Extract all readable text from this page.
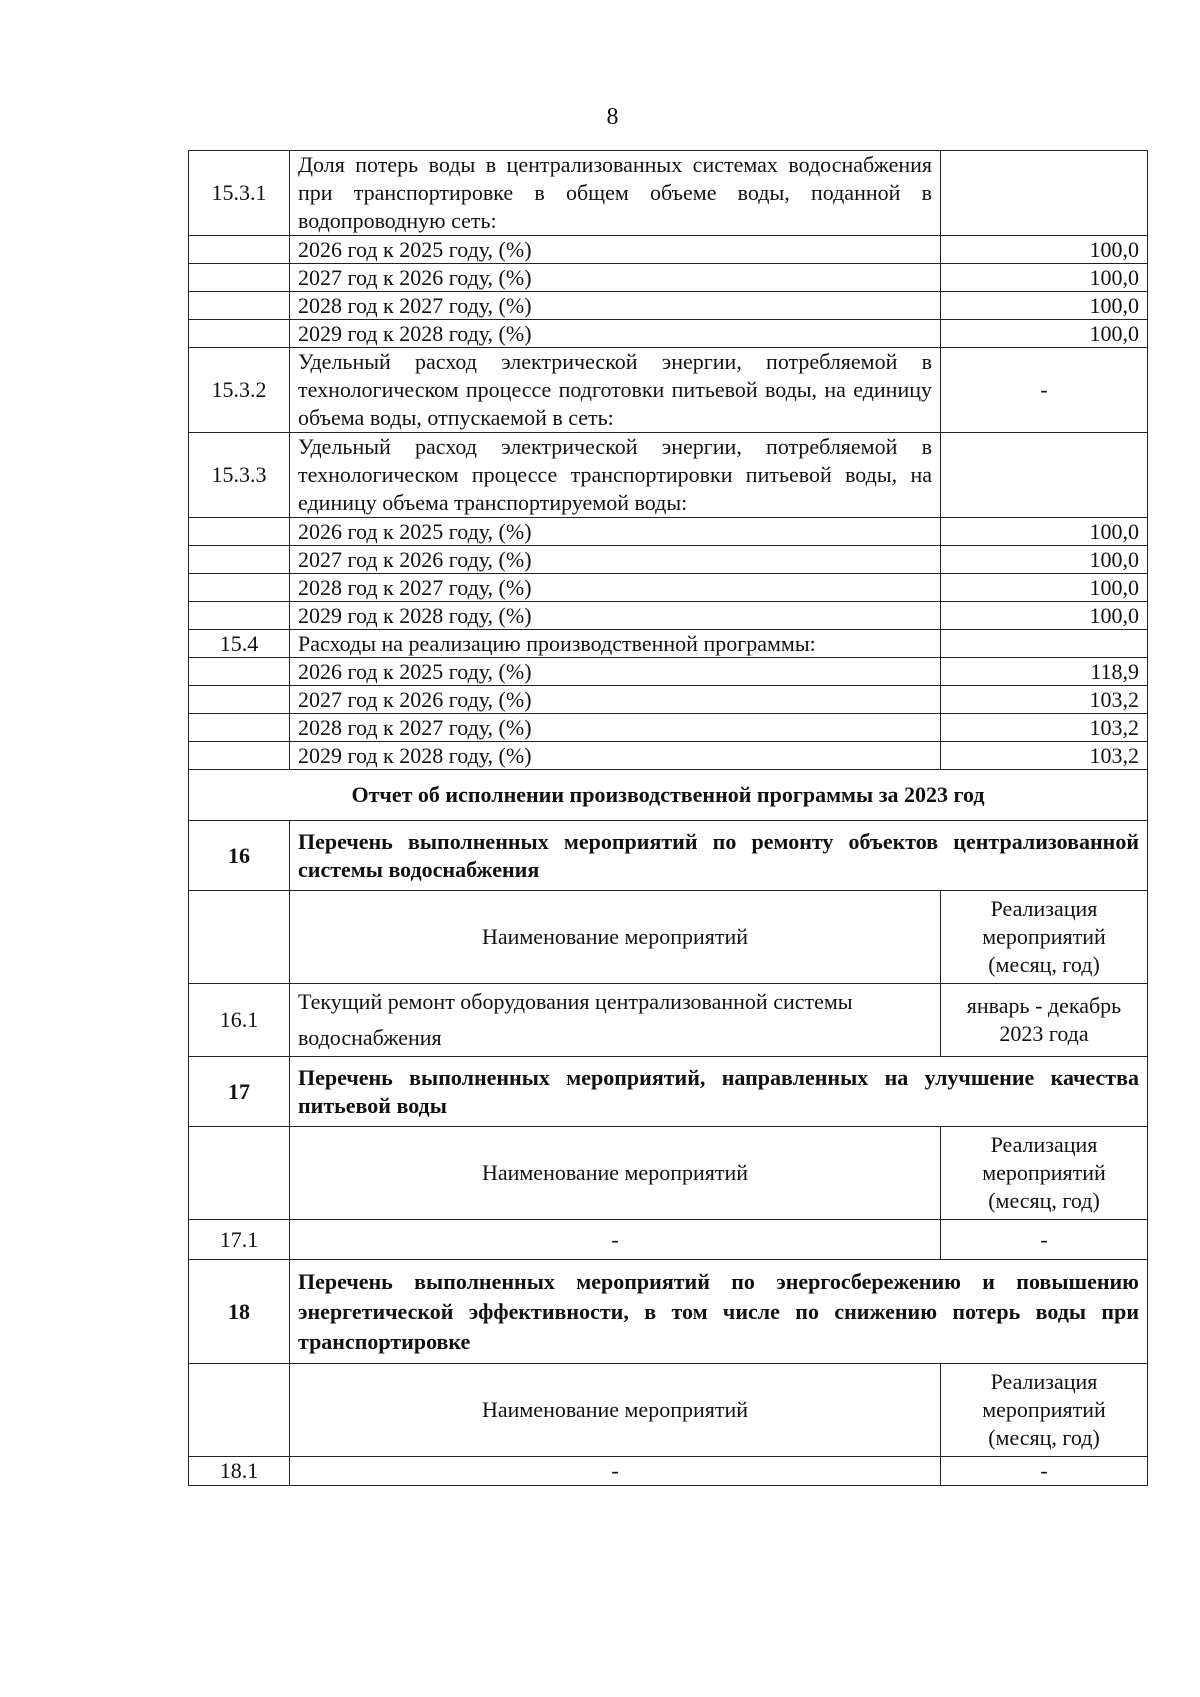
8
15.3.1	Доля потерь воды в централизованных системах водоснабжения при транспортировке в общем объеме воды, поданной в водопроводную сеть:	
	2026 год к 2025 году, (%)	100,0
	2027 год к 2026 году, (%)	100,0
	2028 год к 2027 году, (%)	100,0
	2029 год к 2028 году, (%)	100,0
15.3.2	Удельный расход электрической энергии, потребляемой в технологическом процессе подготовки питьевой воды, на единицу объема воды, отпускаемой в сеть:	-
15.3.3	Удельный расход электрической энергии, потребляемой в технологическом процессе транспортировки питьевой воды, на единицу объема транспортируемой воды:	
	2026 год к 2025 году, (%)	100,0
	2027 год к 2026 году, (%)	100,0
	2028 год к 2027 году, (%)	100,0
	2029 год к 2028 году, (%)	100,0
15.4	Расходы на реализацию производственной программы:	
	2026 год к 2025 году, (%)	118,9
	2027 год к 2026 году, (%)	103,2
	2028 год к 2027 году, (%)	103,2
	2029 год к 2028 году, (%)	103,2
Отчет об исполнении производственной программы за 2023 год		
16	Перечень выполненных мероприятий по ремонту объектов централизованной системы водоснабжения	
	Наименование мероприятий	Реализация мероприятий (месяц, год)
16.1	Текущий ремонт оборудования централизованной системы водоснабжения	январь - декабрь 2023 года
17	Перечень выполненных мероприятий, направленных на улучшение качества питьевой воды	
	Наименование мероприятий	Реализация мероприятий (месяц, год)
17.1	-	-
18	Перечень выполненных мероприятий по энергосбережению и повышению энергетической эффективности, в том числе по снижению потерь воды при транспортировке	
	Наименование мероприятий	Реализация мероприятий (месяц, год)
18.1	-	-
